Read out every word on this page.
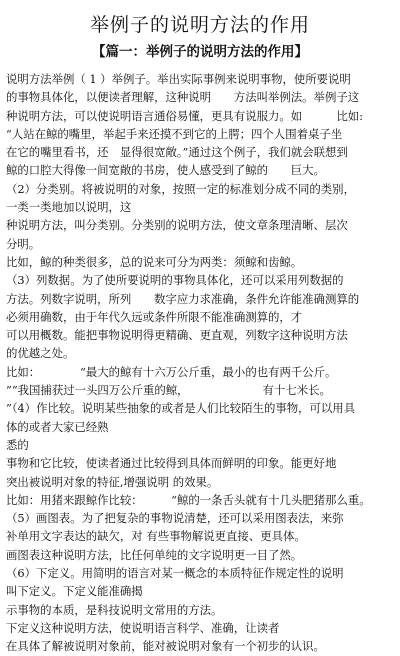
举例子的说明方法的作用
【篇一：举例子的说明方法的作用】
说明方法举例（ 1 ）举例子。举出实际事例来说明事物，使所要说明
的事物具体化，以便读者理解，这种说明　　方法叫举例法。举例子这
种说明方法，可以使说明语言通俗易懂，更具有说服力。如　　　比如:
“人站在鲸的嘴里，举起手来还摸不到它的上腭；四个人围着桌子坐
在它的嘴里看书，还　显得很宽敞。”通过这个例子，我们就会联想到
鲸的口腔大得像一间宽敞的书房，使人感受到了鲸的　　巨大。
（2）分类别。将被说明的对象，按照一定的标准划分成不同的类别，
一类一类地加以说明，这
种说明方法，叫分类别。分类别的说明方法，使文章条理清晰、层次
分明。
比如，鲸的种类很多，总的说来可分为两类：须鲸和齿鲸。
（3）列数据。为了使所要说明的事物具体化，还可以采用列数据的
方法。列数字说明，所列　　数字应力求准确，条件允许能准确测算的
必须用确数，由于年代久远或条件所限不能准确测算的，才
可以用概数。能把事物说明得更精确、更直观，列数字这种说明方法
的优越之处。
比如：　　　　“最大的鲸有十六万公斤重，最小的也有两千公斤。
”“我国捕获过一头四万公斤重的鲸，　　　　　　　有十七米长。
”（4）作比较。说明某些抽象的或者是人们比较陌生的事物，可以用具
体的或者大家已经熟
悉的
事物和它比较，使读者通过比较得到具体而鲜明的印象。能更好地
突出被说明对象的特征,增强说明 的效果。
比如：用猪来跟鲸作比较：　　　“鲸的一条舌头就有十几头肥猪那么重。
（5）画图表。为了把复杂的事物说清楚，还可以采用图表法，来弥
补单用文字表达的缺欠，对 有些事物解说更直接、更具体。
画图表这种说明方法，比任何单纯的文字说明更一目了然。
（6）下定义。用简明的语言对某一概念的本质特征作规定性的说明
叫下定义。下定义能准确揭
示事物的本质，是科技说明文常用的方法。
下定义这种说明方法，使说明语言科学、准确，让读者
在具体了解被说明对象前，能对被说明对象有一个初步的认识。
